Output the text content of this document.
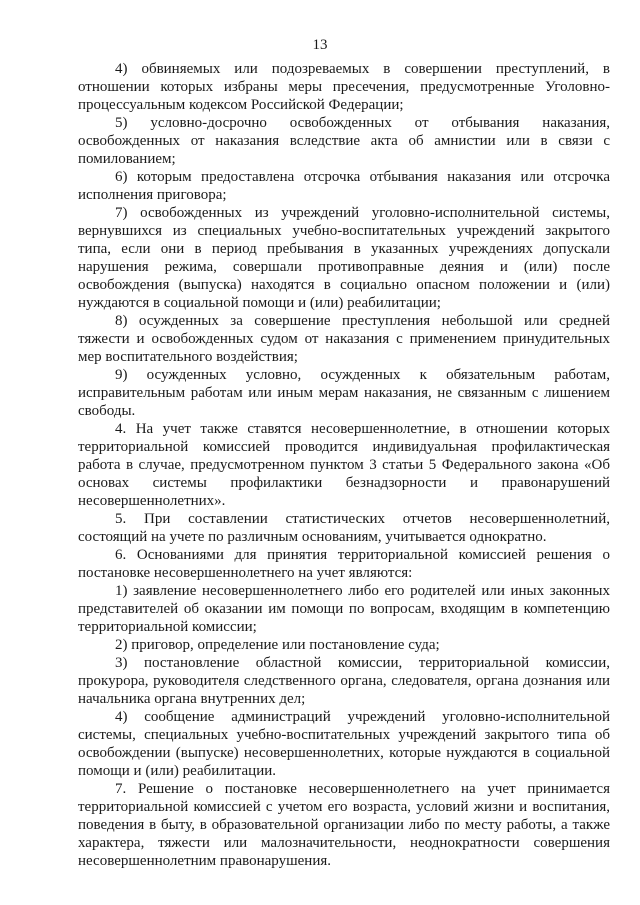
13

4) обвиняемых или подозреваемых в совершении преступлений, в отношении которых избраны меры пресечения, предусмотренные Уголовно-процессуальным кодексом Российской Федерации;

5) условно-досрочно освобожденных от отбывания наказания, освобожденных от наказания вследствие акта об амнистии или в связи с помилованием;

6) которым предоставлена отсрочка отбывания наказания или отсрочка исполнения приговора;

7) освобожденных из учреждений уголовно-исполнительной системы, вернувшихся из специальных учебно-воспитательных учреждений закрытого типа, если они в период пребывания в указанных учреждениях допускали нарушения режима, совершали противоправные деяния и (или) после освобождения (выпуска) находятся в социально опасном положении и (или) нуждаются в социальной помощи и (или) реабилитации;

8) осужденных за совершение преступления небольшой или средней тяжести и освобожденных судом от наказания с применением принудительных мер воспитательного воздействия;

9) осужденных условно, осужденных к обязательным работам, исправительным работам или иным мерам наказания, не связанным с лишением свободы.

4. На учет также ставятся несовершеннолетние, в отношении которых территориальной комиссией проводится индивидуальная профилактическая работа в случае, предусмотренном пунктом 3 статьи 5 Федерального закона «Об основах системы профилактики безнадзорности и правонарушений несовершеннолетних».

5. При составлении статистических отчетов несовершеннолетний, состоящий на учете по различным основаниям, учитывается однократно.

6. Основаниями для принятия территориальной комиссией решения о постановке несовершеннолетнего на учет являются:

1) заявление несовершеннолетнего либо его родителей или иных законных представителей об оказании им помощи по вопросам, входящим в компетенцию территориальной комиссии;

2) приговор, определение или постановление суда;

3) постановление областной комиссии, территориальной комиссии, прокурора, руководителя следственного органа, следователя, органа дознания или начальника органа внутренних дел;

4) сообщение администраций учреждений уголовно-исполнительной системы, специальных учебно-воспитательных учреждений закрытого типа об освобождении (выпуске) несовершеннолетних, которые нуждаются в социальной помощи и (или) реабилитации.

7. Решение о постановке несовершеннолетнего на учет принимается территориальной комиссией с учетом его возраста, условий жизни и воспитания, поведения в быту, в образовательной организации либо по месту работы, а также характера, тяжести или малозначительности, неоднократности совершения несовершеннолетним правонарушения.
